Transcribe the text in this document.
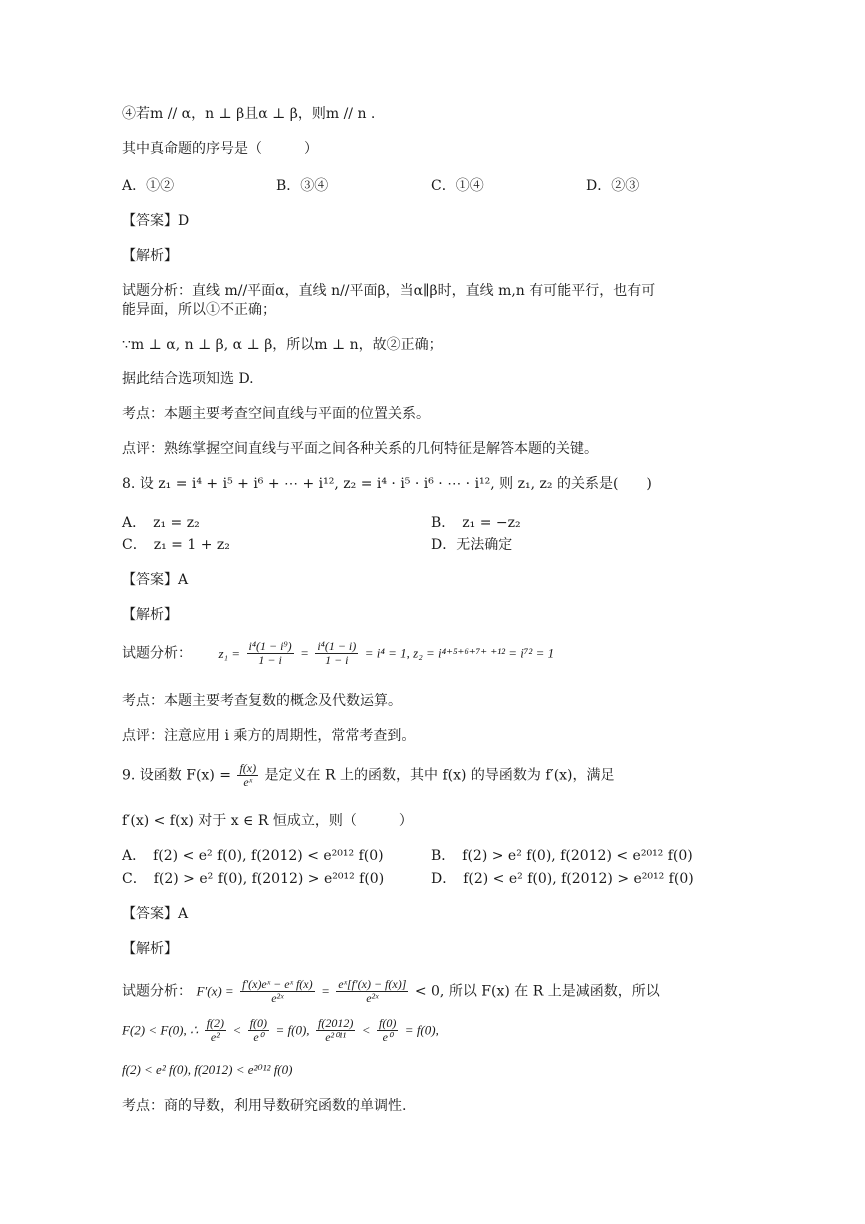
④若m // α，n ⊥ β且α ⊥ β，则m // n .
其中真命题的序号是（　　　）
A．①②	B．③④	C．①④	D．②③
【答案】D
【解析】
试题分析：直线 m//平面α，直线 n//平面β，当α∥β时，直线 m,n 有可能平行，也有可
能异面，所以①不正确；
∵m ⊥ α, n ⊥ β, α ⊥ β，所以m ⊥ n，故②正确；
据此结合选项知选 D.
考点：本题主要考查空间直线与平面的位置关系。
点评：熟练掌握空间直线与平面之间各种关系的几何特征是解答本题的关键。
8. 设 z₁ = i⁴ + i⁵ + i⁶ + ⋯ + i¹², z₂ = i⁴ · i⁵ · i⁶ · ⋯ · i¹², 则 z₁, z₂ 的关系是(　　)
A．　z₁ = z₂	B．　z₁ = −z₂
C．　z₁ = 1 + z₂	D．无法确定
【答案】A
【解析】
试题分析： $z_1 = \frac{\text{i⁴(1 − i⁹)}}{1 - i} = \frac{\text{i⁴(1 − i)}}{1 - i} = i^4 = 1$, z₂ = i⁴⁺⁵⁺⁶⁺⁷⁺ ⁺¹² = i⁷² = 1
考点：本题主要考查复数的概念及代数运算。
点评：注意应用 i 乘方的周期性，常常考查到。
9. 设函数 $F(x) = \frac{f(x)}{\text{eˣ}}$ 是定义在 R 上的函数，其中 f(x) 的导函数为 f′(x)，满足
f′(x) < f(x) 对于 x ∈ R 恒成立，则（　　　）
A．　f(2) < e² f(0), f(2012) < e²⁰¹² f(0)	B．　f(2) > e² f(0), f(2012) < e²⁰¹² f(0)
C．　f(2) > e² f(0), f(2012) > e²⁰¹² f(0)	D．　f(2) < e² f(0), f(2012) > e²⁰¹² f(0)
【答案】A
【解析】
试题分析： $F'(x) = \frac{\text{f′(x)eˣ − eˣ f(x)}}{\text{e²ˣ}} = \frac{\text{eˣ[f′(x) − f(x)]}}{\text{e²ˣ}} < 0$, 所以 F(x) 在 R 上是减函数，所以
F(2) < F(0), ∴ $\frac{f(2)}{\text{e²}} < \frac{f(0)}{\text{e⁰}} = f(0)$, $\frac{f(2012)}{\text{e²⁰¹¹}} < \frac{f(0)}{\text{e⁰}} = f(0)$,
f(2) < e² f(0), f(2012) < e²⁰¹² f(0)
考点：商的导数，利用导数研究函数的单调性.
